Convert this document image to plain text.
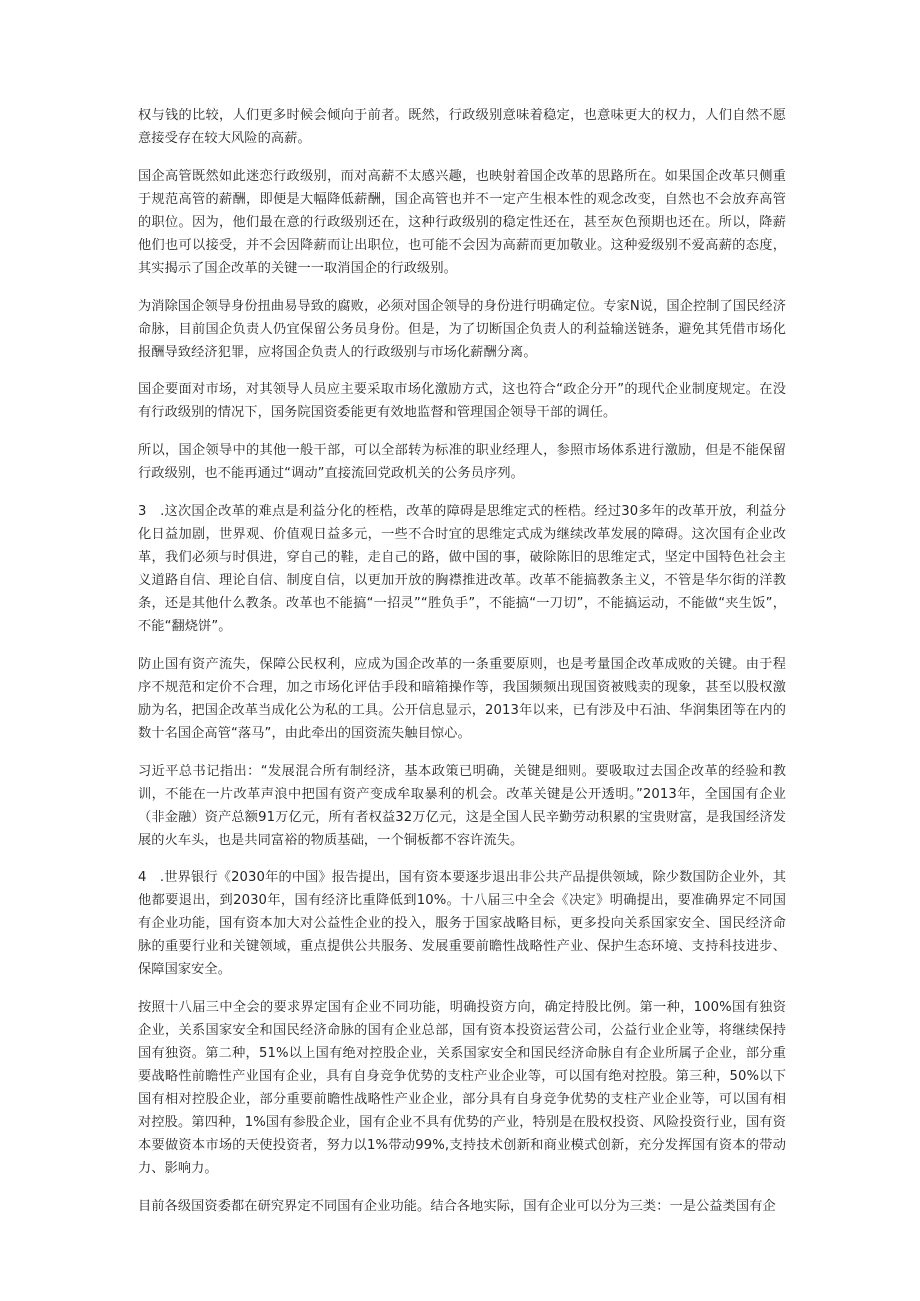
权与钱的比较，人们更多时候会倾向于前者。既然，行政级别意味着稳定，也意味更大的权力，人们自然不愿意接受存在较大风险的高薪。

国企高管既然如此迷恋行政级别，而对高薪不太感兴趣，也映射着国企改革的思路所在。如果国企改革只侧重于规范高管的薪酬，即便是大幅降低薪酬，国企高管也并不一定产生根本性的观念改变，自然也不会放弃高管的职位。因为，他们最在意的行政级别还在，这种行政级别的稳定性还在，甚至灰色预期也还在。所以，降薪他们也可以接受，并不会因降薪而让出职位，也可能不会因为高薪而更加敬业。这种爱级别不爱高薪的态度，其实揭示了国企改革的关键一一取消国企的行政级别。

为消除国企领导身份扭曲易导致的腐败，必须对国企领导的身份进行明确定位。专家N说，国企控制了国民经济命脉，目前国企负责人仍宜保留公务员身份。但是，为了切断国企负责人的利益输送链条，避免其凭借市场化报酬导致经济犯罪，应将国企负责人的行政级别与市场化薪酬分离。

国企要面对市场，对其领导人员应主要采取市场化激励方式，这也符合“政企分开”的现代企业制度规定。在没有行政级别的情况下，国务院国资委能更有效地监督和管理国企领导干部的调任。

所以，国企领导中的其他一般干部，可以全部转为标准的职业经理人，参照市场体系进行激励，但是不能保留行政级别，也不能再通过“调动”直接流回党政机关的公务员序列。

3　.这次国企改革的难点是利益分化的桎梏，改革的障碍是思维定式的桎梏。经过30多年的改革开放，利益分化日益加剧，世界观、价值观日益多元，一些不合时宜的思维定式成为继续改革发展的障碍。这次国有企业改革，我们必须与时俱进，穿自己的鞋，走自己的路，做中国的事，破除陈旧的思维定式，坚定中国特色社会主义道路自信、理论自信、制度自信，以更加开放的胸襟推进改革。改革不能搞教条主义，不管是华尔街的洋教条，还是其他什么教条。改革也不能搞“一招灵”“胜负手”，不能搞“一刀切”，不能搞运动，不能做“夹生饭”，不能“翻烧饼”。

防止国有资产流失，保障公民权利，应成为国企改革的一条重要原则，也是考量国企改革成败的关键。由于程序不规范和定价不合理，加之市场化评估手段和暗箱操作等，我国频频出现国资被贱卖的现象，甚至以股权激励为名，把国企改革当成化公为私的工具。公开信息显示，2013年以来，已有涉及中石油、华润集团等在内的数十名国企高管“落马”，由此牵出的国资流失触目惊心。

习近平总书记指出：“发展混合所有制经济，基本政策已明确，关键是细则。要吸取过去国企改革的经验和教训，不能在一片改革声浪中把国有资产变成牟取暴利的机会。改革关键是公开透明。”2013年，全国国有企业（非金融）资产总额91万亿元，所有者权益32万亿元，这是全国人民辛勤劳动积累的宝贵财富，是我国经济发展的火车头，也是共同富裕的物质基础，一个铜板都不容许流失。

4　.世界银行《2030年的中国》报告提出，国有资本要逐步退出非公共产品提供领域，除少数国防企业外，其他都要退出，到2030年，国有经济比重降低到10%。十八届三中全会《决定》明确提出，要准确界定不同国有企业功能，国有资本加大对公益性企业的投入，服务于国家战略目标，更多投向关系国家安全、国民经济命脉的重要行业和关键领域，重点提供公共服务、发展重要前瞻性战略性产业、保护生态环境、支持科技进步、保障国家安全。

按照十八届三中全会的要求界定国有企业不同功能，明确投资方向，确定持股比例。第一种，100%国有独资企业，关系国家安全和国民经济命脉的国有企业总部，国有资本投资运营公司，公益行业企业等，将继续保持国有独资。第二种，51%以上国有绝对控股企业，关系国家安全和国民经济命脉自有企业所属子企业，部分重要战略性前瞻性产业国有企业，具有自身竞争优势的支柱产业企业等，可以国有绝对控股。第三种，50%以下国有相对控股企业，部分重要前瞻性战略性产业企业，部分具有自身竞争优势的支柱产业企业等，可以国有相对控股。第四种，1%国有参股企业，国有企业不具有优势的产业，特别是在股权投资、风险投资行业，国有资本要做资本市场的天使投资者，努力以1%带动99%,支持技术创新和商业模式创新，充分发挥国有资本的带动力、影响力。

目前各级国资委都在研究界定不同国有企业功能。结合各地实际，国有企业可以分为三类：一是公益类国有企
